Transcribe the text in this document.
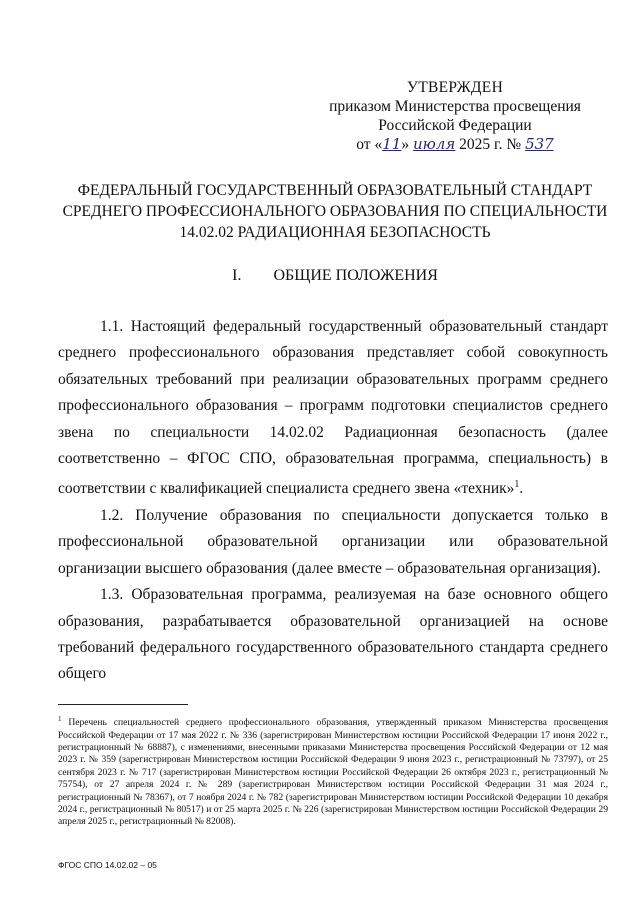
УТВЕРЖДЕН
приказом Министерства просвещения
Российской Федерации
от «11» июля 2025 г. № 537
ФЕДЕРАЛЬНЫЙ ГОСУДАРСТВЕННЫЙ ОБРАЗОВАТЕЛЬНЫЙ СТАНДАРТ
СРЕДНЕГО ПРОФЕССИОНАЛЬНОГО ОБРАЗОВАНИЯ ПО СПЕЦИАЛЬНОСТИ
14.02.02 РАДИАЦИОННАЯ БЕЗОПАСНОСТЬ
I. ОБЩИЕ ПОЛОЖЕНИЯ

1.1. Настоящий федеральный государственный образовательный стандарт среднего профессионального образования представляет собой совокупность обязательных требований при реализации образовательных программ среднего профессионального образования – программ подготовки специалистов среднего звена по специальности 14.02.02 Радиационная безопасность (далее соответственно – ФГОС СПО, образовательная программа, специальность) в соответствии с квалификацией специалиста среднего звена «техник»$^1$.

1.2. Получение образования по специальности допускается только в профессиональной образовательной организации или образовательной организации высшего образования (далее вместе – образовательная организация).

1.3. Образовательная программа, реализуемая на базе основного общего образования, разрабатывается образовательной организацией на основе требований федерального государственного образовательного стандарта среднего общего

$^1$ Перечень специальностей среднего профессионального образования, утвержденный приказом Министерства просвещения Российской Федерации от 17 мая 2022 г. № 336 (зарегистрирован Министерством юстиции Российской Федерации 17 июня 2022 г., регистрационный № 68887), с изменениями, внесенными приказами Министерства просвещения Российской Федерации от 12 мая 2023 г. № 359 (зарегистрирован Министерством юстиции Российской Федерации 9 июня 2023 г., регистрационный № 73797), от 25 сентября 2023 г. № 717 (зарегистрирован Министерством юстиции Российской Федерации 26 октября 2023 г., регистрационный № 75754), от 27 апреля 2024 г. № 289 (зарегистрирован Министерством юстиции Российской Федерации 31 мая 2024 г., регистрационный № 78367), от 7 ноября 2024 г. № 782 (зарегистрирован Министерством юстиции Российской Федерации 10 декабря 2024 г., регистрационный № 80517) и от 25 марта 2025 г. № 226 (зарегистрирован Министерством юстиции Российской Федерации 29 апреля 2025 г., регистрационный № 82008).
ФГОС СПО 14.02.02 – 05
